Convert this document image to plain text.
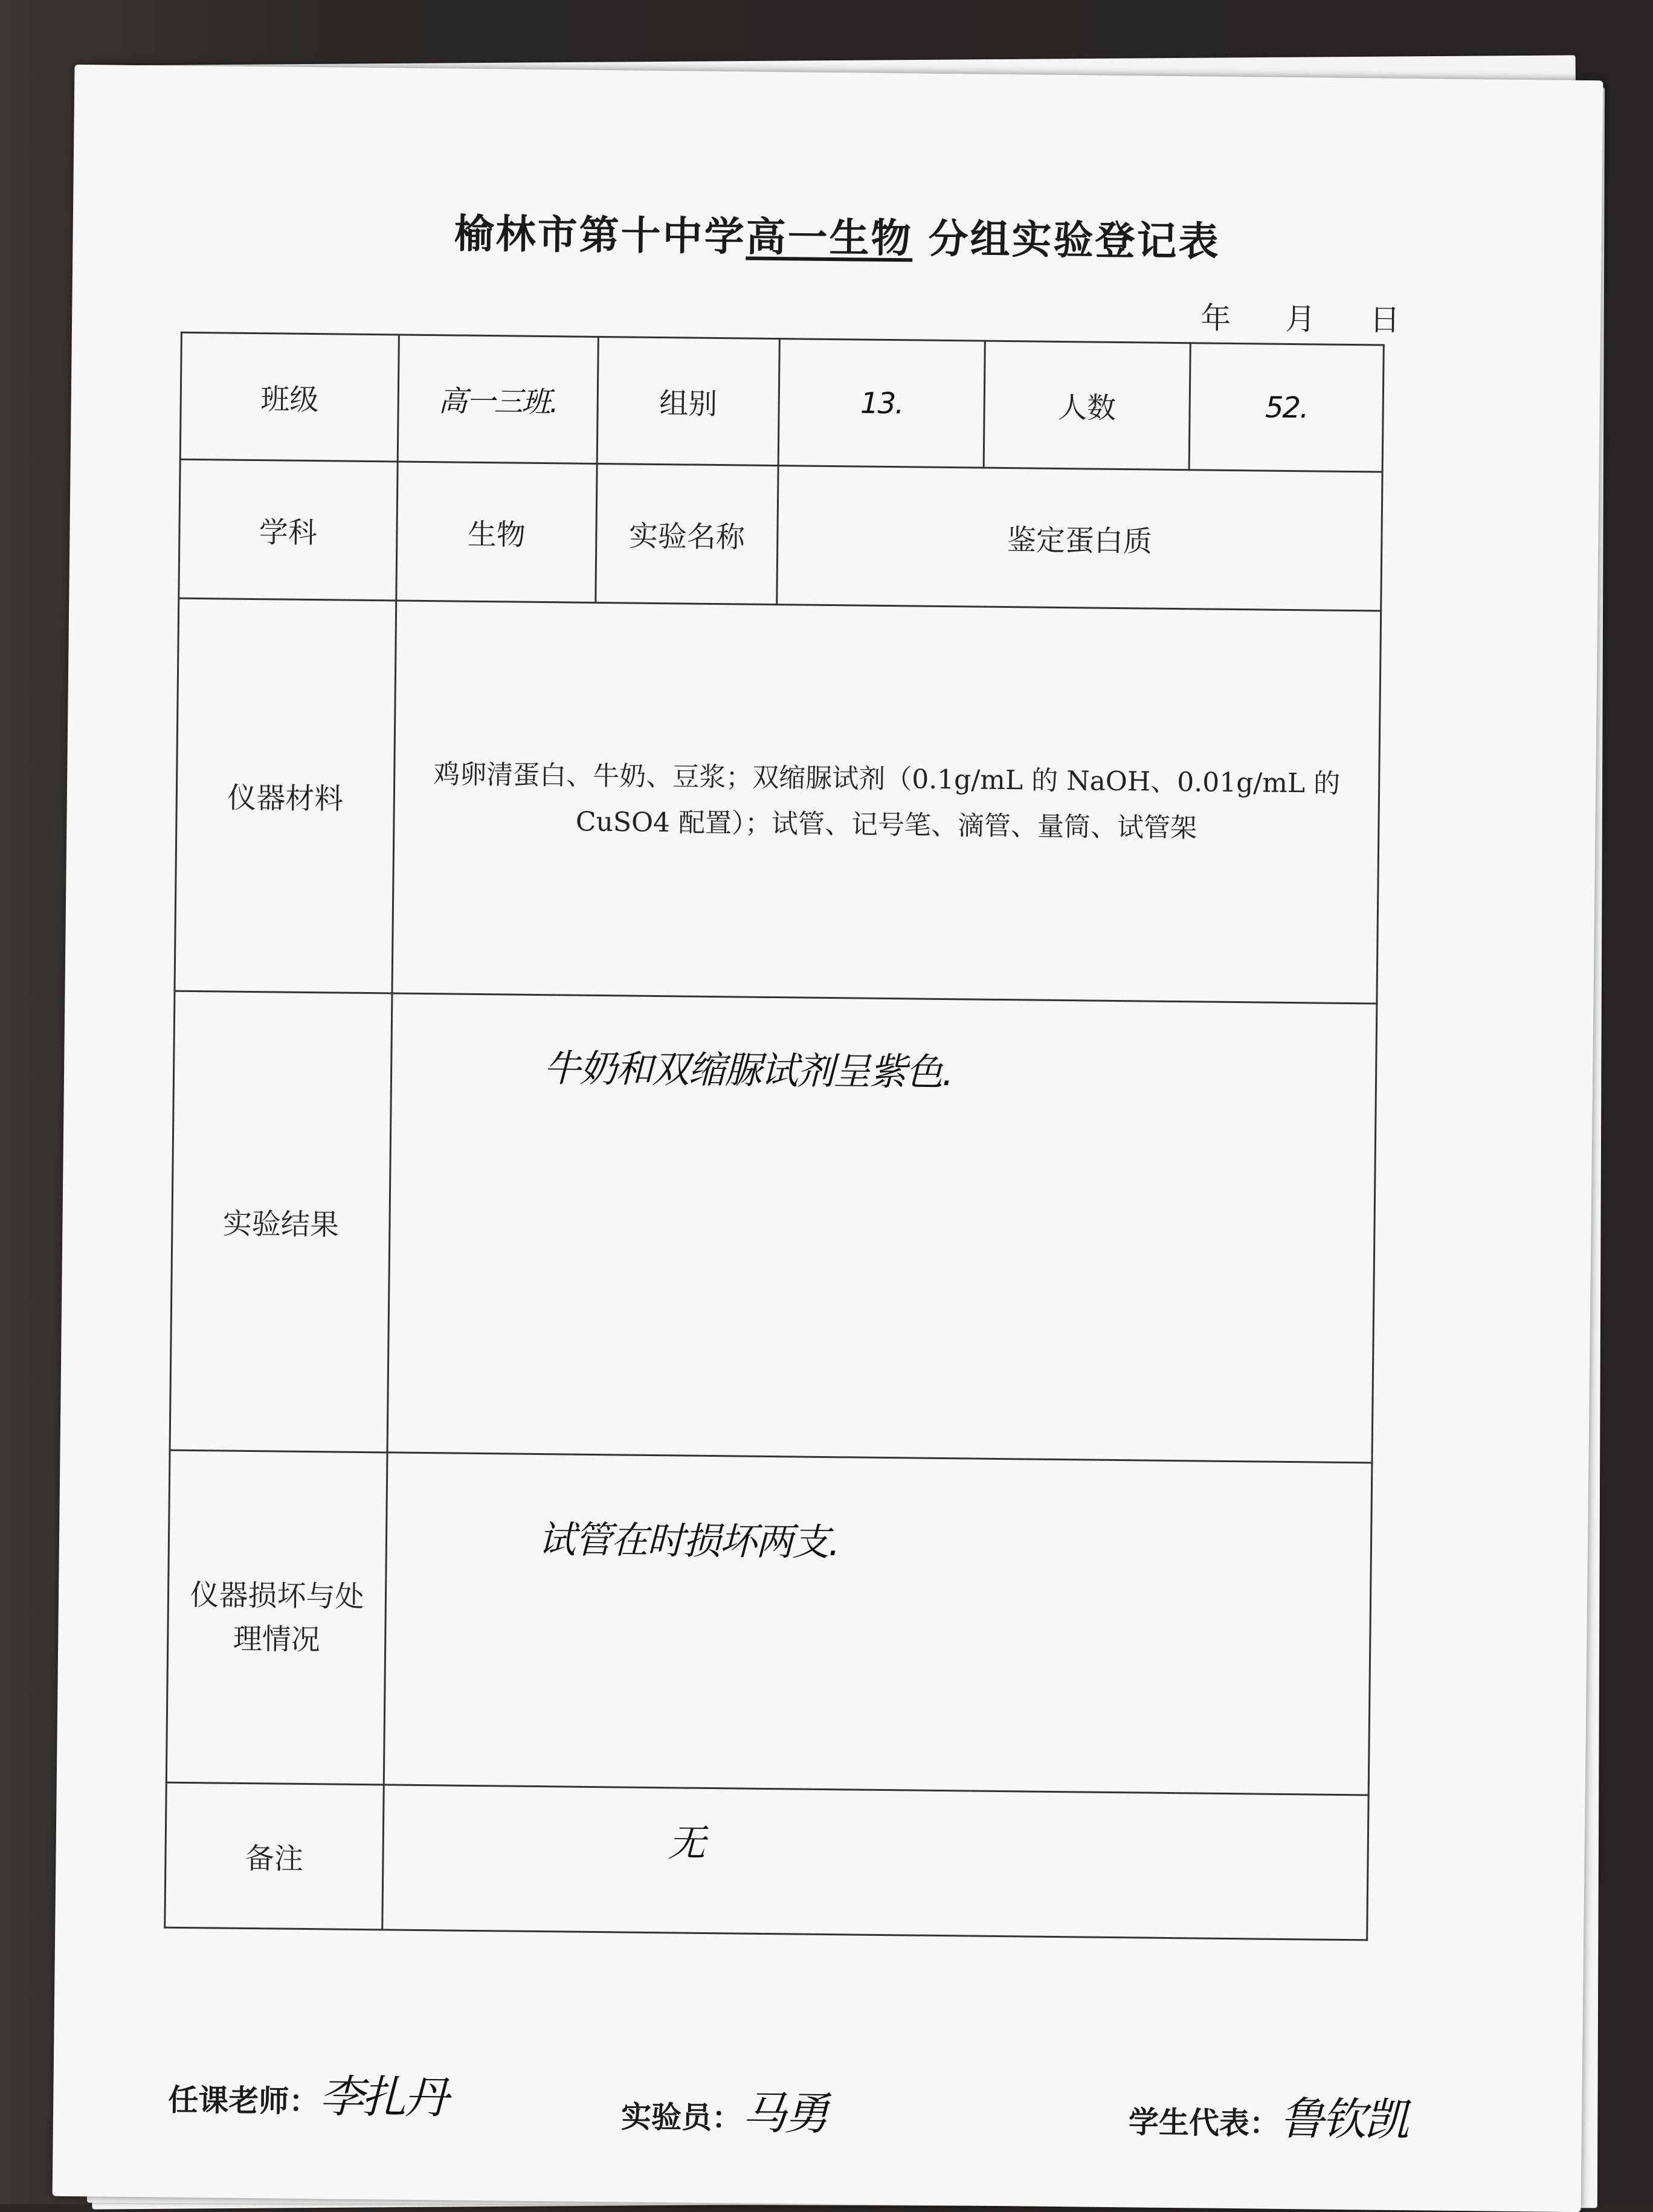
榆林市第十中学高一生物 分组实验登记表
年 月 日
班级	高一三班.	组别	13.	人数	52.
学科	生物	实验名称	鉴定蛋白质		
仪器材料	鸡卵清蛋白、牛奶、豆浆；双缩脲试剂（0.1g/mL 的 NaOH、0.01g/mL 的 CuSO4 配置）；试管、记号笔、滴管、量筒、试管架				

实验结果	牛奶和双缩脲试剂呈紫色.				

仪器损坏与处理情况	试管在时损坏两支.				

备注	无				
任课老师：李扎丹	实验员：马勇	学生代表：鲁钦凯
